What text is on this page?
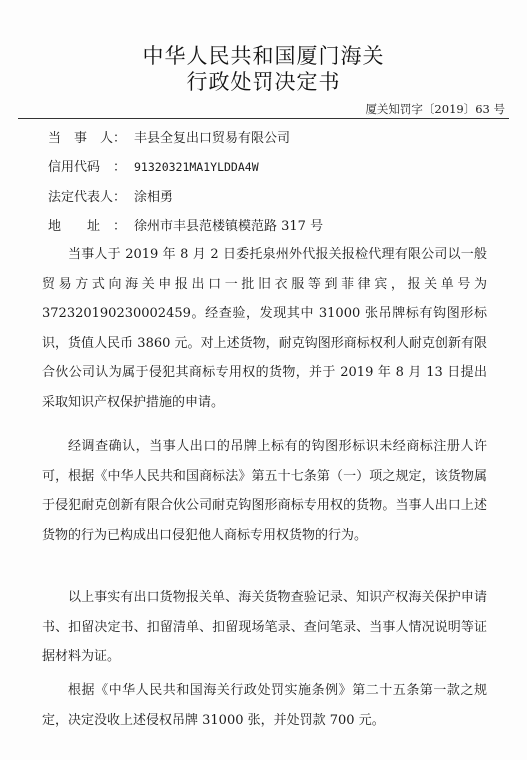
中华人民共和国厦门海关
行政处罚决定书
厦关知罚字〔2019〕63 号
当　事　人： 丰县全复出口贸易有限公司
信用代码　： 91320321MA1YLDDA4W
法定代表人： 涂相勇
地　　址　： 徐州市丰县范楼镇模范路 317 号

当事人于 2019 年 8 月 2 日委托泉州外代报关报检代理有限公司以一般贸易方式向海关申报出口一批旧衣服等到菲律宾，报关单号为 372320190230002459。经查验，发现其中 31000 张吊牌标有钩图形标识，货值人民币 3860 元。对上述货物，耐克钩图形商标权利人耐克创新有限合伙公司认为属于侵犯其商标专用权的货物，并于 2019 年 8 月 13 日提出采取知识产权保护措施的申请。

经调查确认，当事人出口的吊牌上标有的钩图形标识未经商标注册人许可，根据《中华人民共和国商标法》第五十七条第（一）项之规定，该货物属于侵犯耐克创新有限合伙公司耐克钩图形商标专用权的货物。当事人出口上述货物的行为已构成出口侵犯他人商标专用权货物的行为。

以上事实有出口货物报关单、海关货物查验记录、知识产权海关保护申请书、扣留决定书、扣留清单、扣留现场笔录、查问笔录、当事人情况说明等证据材料为证。

根据《中华人民共和国海关行政处罚实施条例》第二十五条第一款之规定，决定没收上述侵权吊牌 31000 张，并处罚款 700 元。
